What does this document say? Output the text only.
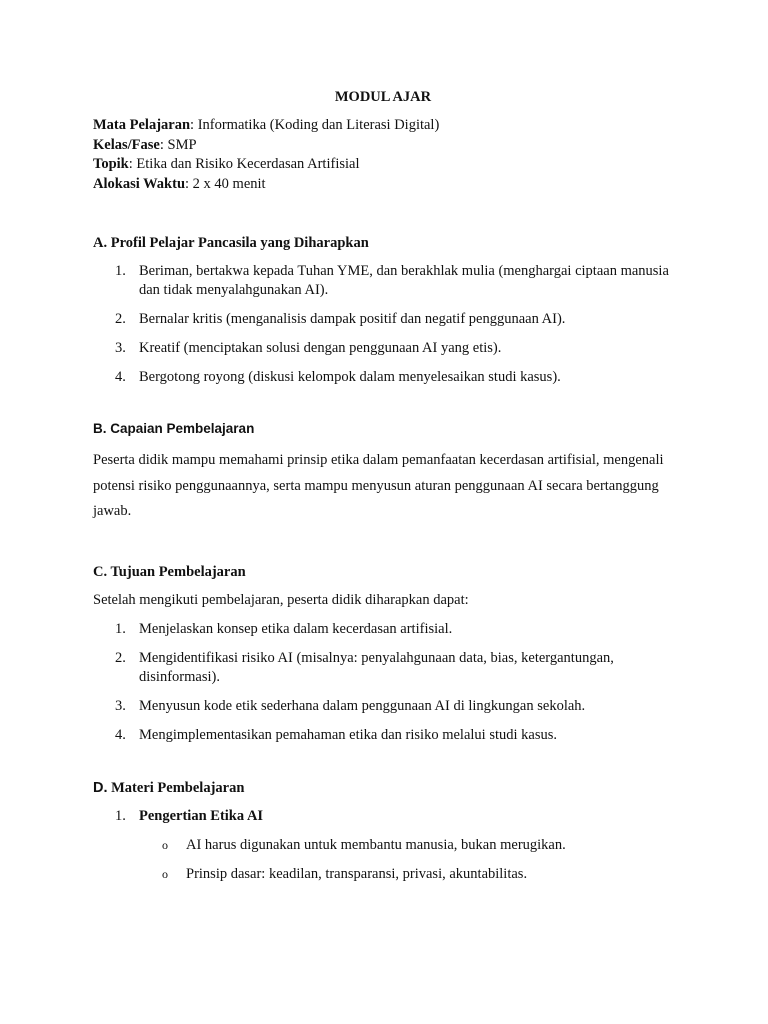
MODUL AJAR

Mata Pelajaran: Informatika (Koding dan Literasi Digital)

Kelas/Fase: SMP

Topik: Etika dan Risiko Kecerdasan Artifisial

Alokasi Waktu: 2 x 40 menit

A. Profil Pelajar Pancasila yang Diharapkan
1. Beriman, bertakwa kepada Tuhan YME, dan berakhlak mulia (menghargai ciptaan manusia dan tidak menyalahgunakan AI).
2. Bernalar kritis (menganalisis dampak positif dan negatif penggunaan AI).
3. Kreatif (menciptakan solusi dengan penggunaan AI yang etis).
4. Bergotong royong (diskusi kelompok dalam menyelesaikan studi kasus).
B. Capaian Pembelajaran

Peserta didik mampu memahami prinsip etika dalam pemanfaatan kecerdasan artifisial, mengenali potensi risiko penggunaannya, serta mampu menyusun aturan penggunaan AI secara bertanggung jawab.

C. Tujuan Pembelajaran

Setelah mengikuti pembelajaran, peserta didik diharapkan dapat:

1. Menjelaskan konsep etika dalam kecerdasan artifisial.
2. Mengidentifikasi risiko AI (misalnya: penyalahgunaan data, bias, ketergantungan, disinformasi).
3. Menyusun kode etik sederhana dalam penggunaan AI di lingkungan sekolah.
4. Mengimplementasikan pemahaman etika dan risiko melalui studi kasus.
D. Materi Pembelajaran
1. Pengertian Etika AI
o AI harus digunakan untuk membantu manusia, bukan merugikan.
o Prinsip dasar: keadilan, transparansi, privasi, akuntabilitas.
